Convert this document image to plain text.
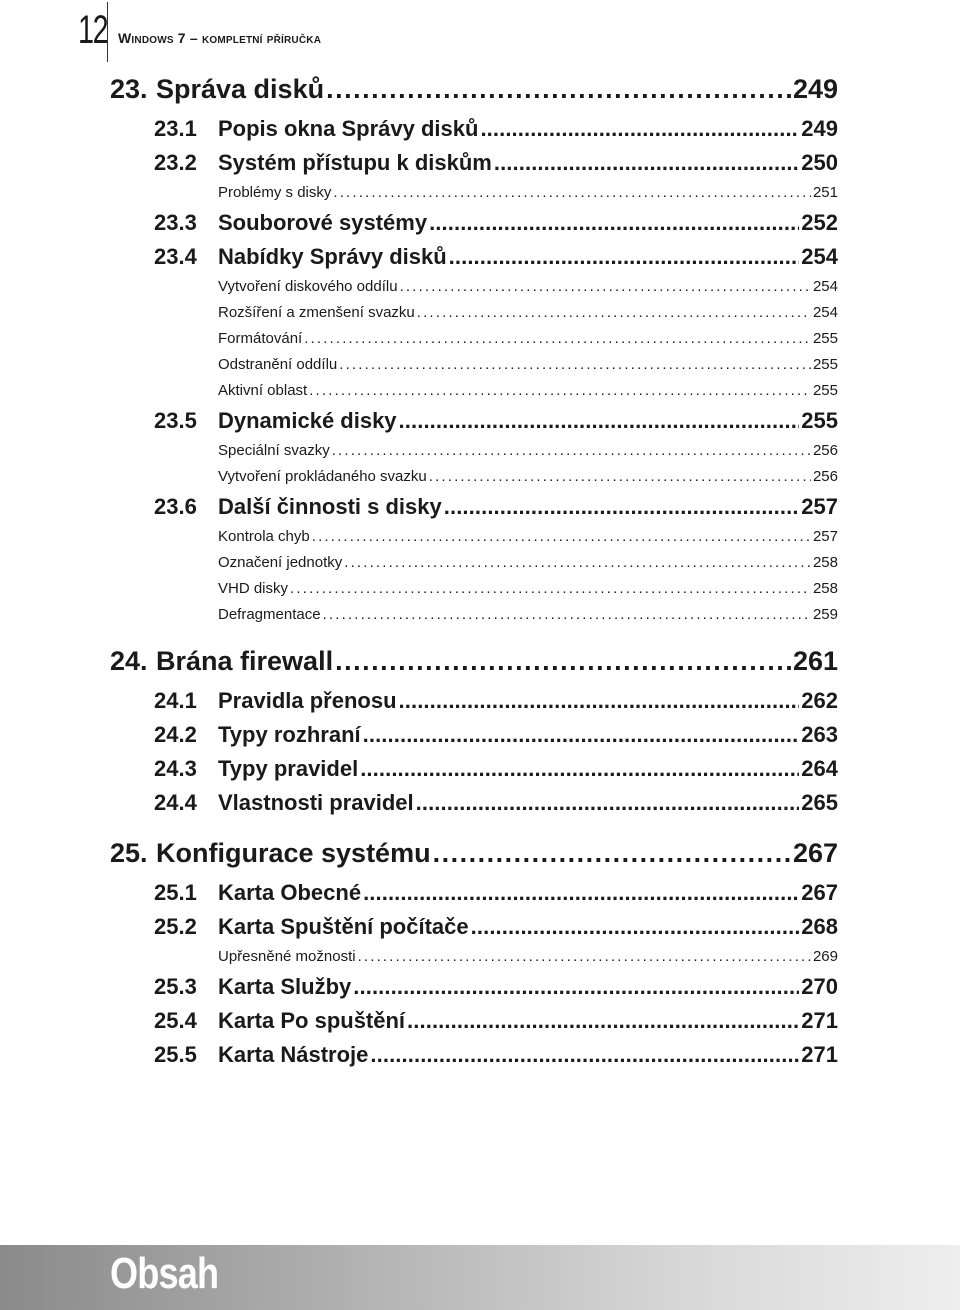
12 Windows 7 – kompletní příručka
23. Správa disků . . .	249
23.1 Popis okna Správy disků . . .	249
23.2 Systém přístupu k diskům . . .	250
Problémy s disky . . .	251
23.3 Souborové systémy . . .	252
23.4 Nabídky Správy disků . . .	254
Vytvoření diskového oddílu . . .	254
Rozšíření a zmenšení svazku . . .	254
Formátování . . .	255
Odstranění oddílu . . .	255
Aktivní oblast . . .	255
23.5 Dynamické disky . . .	255
Speciální svazky . . .	256
Vytvoření prokládaného svazku . . .	256
23.6 Další činnosti s disky . . .	257
Kontrola chyb . . .	257
Označení jednotky . . .	258
VHD disky . . .	258
Defragmentace . . .	259
24. Brána firewall . . .	261
24.1 Pravidla přenosu . . .	262
24.2 Typy rozhraní . . .	263
24.3 Typy pravidel . . .	264
24.4 Vlastnosti pravidel . . .	265
25. Konfigurace systému . . .	267
25.1 Karta Obecné . . .	267
25.2 Karta Spuštění počítače . . .	268
Upřesněné možnosti . . .	269
25.3 Karta Služby . . .	270
25.4 Karta Po spuštění . . .	271
25.5 Karta Nástroje . . .	271
Obsah
